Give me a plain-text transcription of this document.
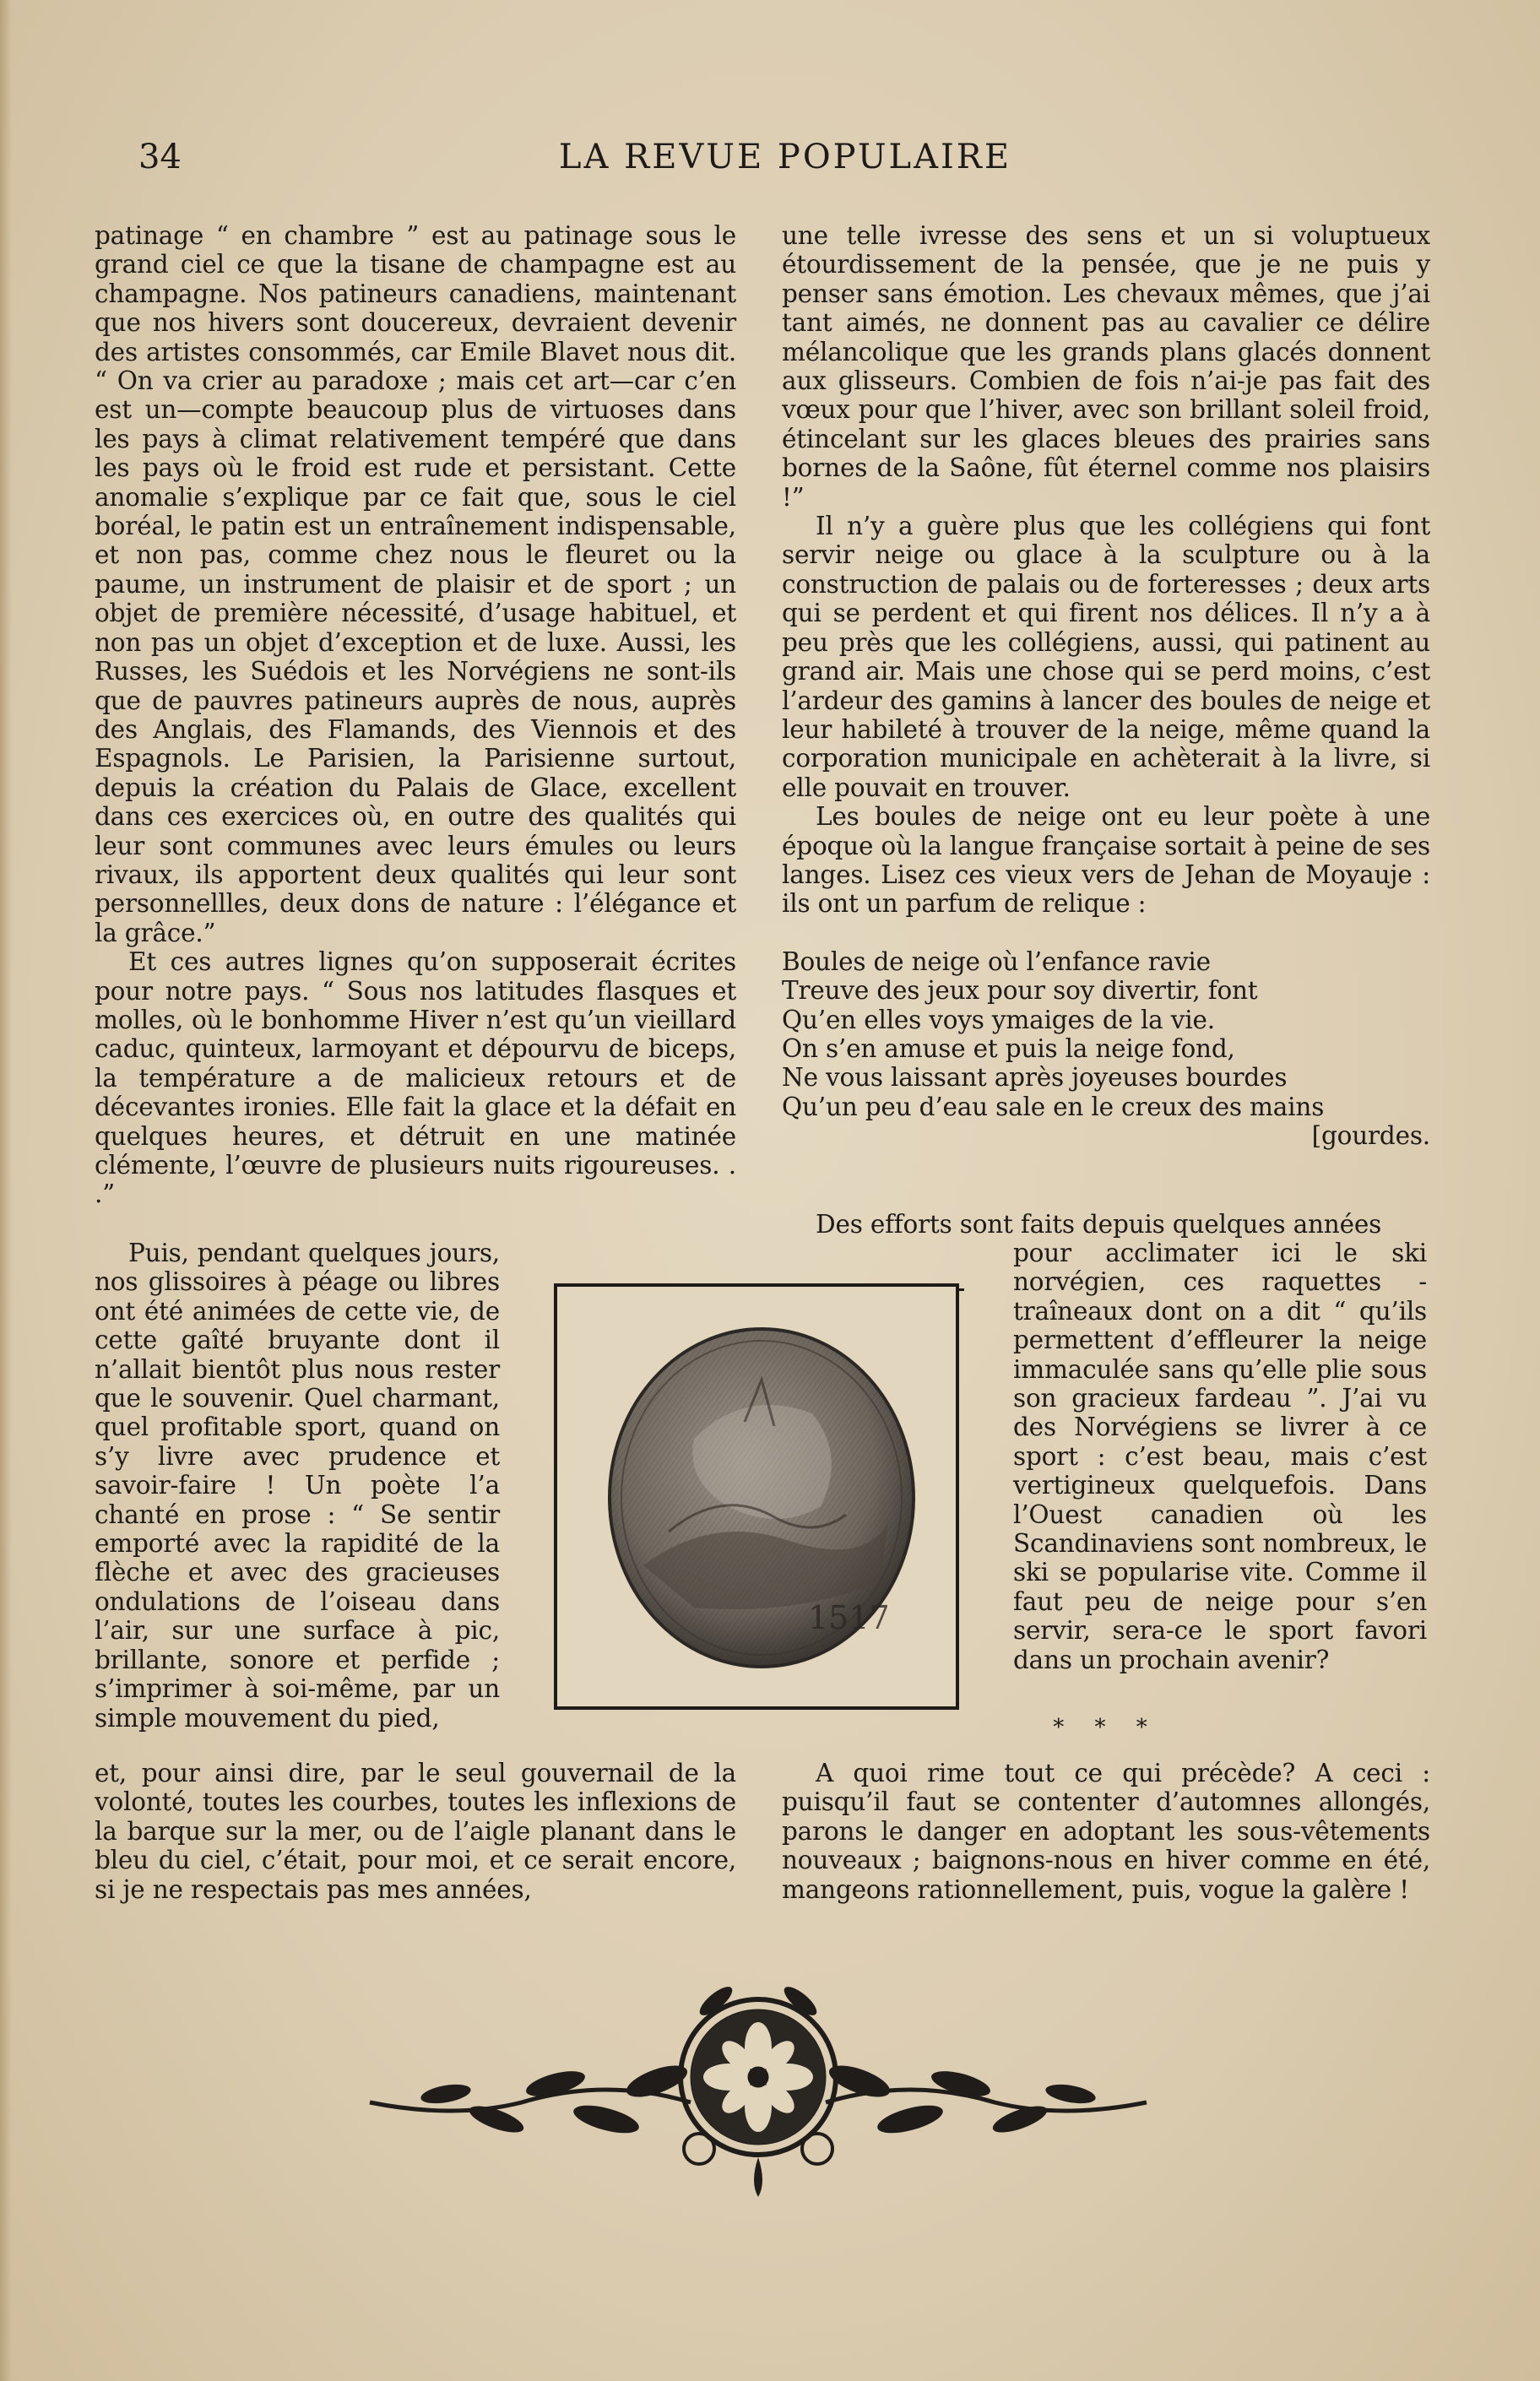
34	LA REVUE POPULAIRE

patinage “ en chambre ” est au patinage sous le grand ciel ce que la tisane de champagne est au champagne. Nos patineurs canadiens, maintenant que nos hivers sont doucereux, devraient devenir des artistes consommés, car Emile Blavet nous dit. “ On va crier au paradoxe ; mais cet art—car c’en est un—compte beaucoup plus de virtuoses dans les pays à climat relativement tempéré que dans les pays où le froid est rude et persistant. Cette anomalie s’explique par ce fait que, sous le ciel boréal, le patin est un entraînement indispensable, et non pas, comme chez nous le fleuret ou la paume, un instrument de plaisir et de sport ; un objet de première nécessité, d’usage habituel, et non pas un objet d’exception et de luxe. Aussi, les Russes, les Suédois et les Norvégiens ne sont-ils que de pauvres patineurs auprès de nous, auprès des Anglais, des Flamands, des Viennois et des Espagnols. Le Parisien, la Parisienne surtout, depuis la création du Palais de Glace, excellent dans ces exercices où, en outre des qualités qui leur sont communes avec leurs émules ou leurs rivaux, ils apportent deux qualités qui leur sont personnellles, deux dons de nature : l’élégance et la grâce.”

Et ces autres lignes qu’on supposerait écrites pour notre pays. “ Sous nos latitudes flasques et molles, où le bonhomme Hiver n’est qu’un vieillard caduc, quinteux, larmoyant et dépourvu de biceps, la température a de malicieux retours et de décevantes ironies. Elle fait la glace et la défait en quelques heures, et détruit en une matinée clémente, l’œuvre de plusieurs nuits rigoureuses. . .”

Puis, pendant quelques jours, nos glissoires à péage ou libres ont été animées de cette vie, de cette gaîté bruyante dont il n’allait bientôt plus nous rester que le souvenir. Quel charmant, quel profitable sport, quand on s’y livre avec prudence et savoir-faire ! Un poète l’a chanté en prose : “ Se sentir emporté avec la rapidité de la flèche et avec des gracieuses ondulations de l’oiseau dans l’air, sur une surface à pic, brillante, sonore et perfide ; s’imprimer à soi-même, par un simple mouvement du pied,

et, pour ainsi dire, par le seul gouvernail de la volonté, toutes les courbes, toutes les inflexions de la barque sur la mer, ou de l’aigle planant dans le bleu du ciel, c’était, pour moi, et ce serait encore, si je ne respectais pas mes années,

une telle ivresse des sens et un si voluptueux étourdissement de la pensée, que je ne puis y penser sans émotion. Les chevaux mêmes, que j’ai tant aimés, ne donnent pas au cavalier ce délire mélancolique que les grands plans glacés donnent aux glisseurs. Combien de fois n’ai-je pas fait des vœux pour que l’hiver, avec son brillant soleil froid, étincelant sur les glaces bleues des prairies sans bornes de la Saône, fût éternel comme nos plaisirs !”

Il n’y a guère plus que les collégiens qui font servir neige ou glace à la sculpture ou à la construction de palais ou de forteresses ; deux arts qui se perdent et qui firent nos délices. Il n’y a à peu près que les collégiens, aussi, qui patinent au grand air. Mais une chose qui se perd moins, c’est l’ardeur des gamins à lancer des boules de neige et leur habileté à trouver de la neige, même quand la corporation municipale en achèterait à la livre, si elle pouvait en trouver.

Les boules de neige ont eu leur poète à une époque où la langue française sortait à peine de ses langes. Lisez ces vieux vers de Jehan de Moyauje : ils ont un parfum de relique :

Boules de neige où l’enfance ravie
Treuve des jeux pour soy divertir, font
Qu’en elles voys ymaiges de la vie.
On s’en amuse et puis la neige fond,
Ne vous laissant après joyeuses bourdes
Qu’un peu d’eau sale en le creux des mains
[gourdes.

Des efforts sont faits depuis quelques années

pour acclimater ici le ski norvégien, ces raquettes - traîneaux dont on a dit “ qu’ils permettent d’effleurer la neige immaculée sans qu’elle plie sous son gracieux fardeau ”. J’ai vu des Norvégiens se livrer à ce sport : c’est beau, mais c’est vertigineux quelquefois. Dans l’Ouest canadien où les Scandinaviens sont nombreux, le ski se popularise vite. Comme il faut peu de neige pour s’en servir, sera-ce le sport favori dans un prochain avenir?

1517
* * *

A quoi rime tout ce qui précède? A ceci : puisqu’il faut se contenter d’automnes allongés, parons le danger en adoptant les sous-vêtements nouveaux ; baignons-nous en hiver comme en été, mangeons rationnellement, puis, vogue la galère !
